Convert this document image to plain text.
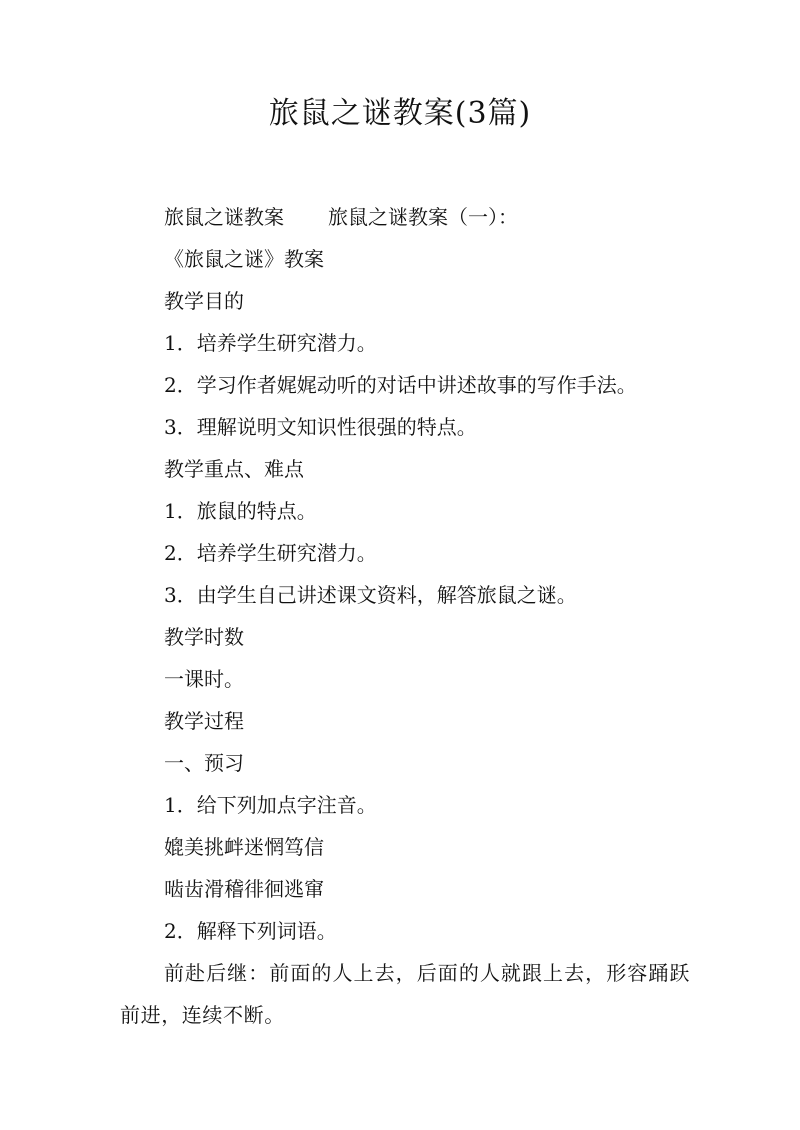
旅鼠之谜教案(3篇)
旅鼠之谜教案 旅鼠之谜教案（一）：
《旅鼠之谜》教案
教学目的
1．培养学生研究潜力。
2．学习作者娓娓动听的对话中讲述故事的写作手法。
3．理解说明文知识性很强的特点。
教学重点、难点
1．旅鼠的特点。
2．培养学生研究潜力。
3．由学生自己讲述课文资料，解答旅鼠之谜。
教学时数
一课时。
教学过程
一、预习
1．给下列加点字注音。
媲美挑衅迷惘笃信
啮齿滑稽徘徊逃窜
2．解释下列词语。

前赴后继：前面的人上去，后面的人就跟上去，形容踊跃前进，连续不断。
